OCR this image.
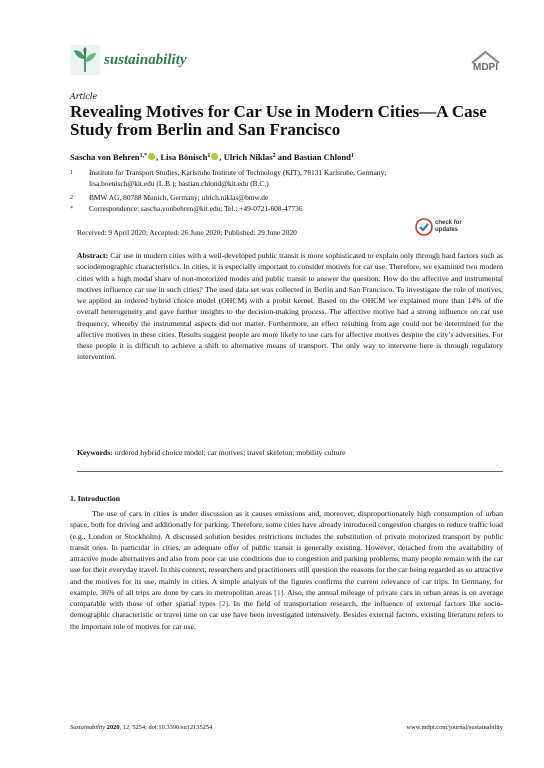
sustainability	MDPI
Article
Revealing Motives for Car Use in Modern Cities—A Case Study from Berlin and San Francisco
Sascha von Behren$^{1,*}$ , Lisa Bönisch$^1$ , Ulrich Niklas$^2$ and Bastian Chlond$^1$
1 Institute for Transport Studies, Karlsruhe Institute of Technology (KIT), 76131 Karlsruhe, Germany;
lisa.boenisch@kit.edu (L.B.); bastian.chlond@kit.edu (B.C.)
2 BMW AG, 80788 Munich, Germany; ulrich.niklas@bmw.de
* Correspondence: sascha.vonbehren@kit.edu; Tel.: +49-0721-608-47736
check for
updates
Received: 9 April 2020; Accepted: 26 June 2020; Published: 29 June 2020
Abstract: Car use in modern cities with a well-developed public transit is more sophisticated to explain only through hard factors such as sociodemographic characteristics. In cities, it is especially important to consider motives for car use. Therefore, we examined two modern cities with a high modal share of non-motorized modes and public transit to answer the question: How do the affective and instrumental motives influence car use in such cities? The used data set was collected in Berlin and San Francisco. To investigate the role of motives, we applied an ordered hybrid choice model (OHCM) with a probit kernel. Based on the OHCM we explained more than 14% of the overall heterogeneity and gave further insights to the decision-making process. The affective motive had a strong influence on car use frequency, whereby the instrumental aspects did not matter. Furthermore, an effect resulting from age could not be determined for the affective motives in these cities. Results suggest people are more likely to use cars for affective motives despite the city’s adversities. For these people it is difficult to achieve a shift to alternative means of transport. The only way to intervene here is through regulatory intervention.
Keywords: ordered hybrid choice model; car motives; travel skeleton; mobility culture
1. Introduction
The use of cars in cities is under discussion as it causes emissions and, moreover, disproportionately high consumption of urban space, both for driving and additionally for parking. Therefore, some cities have already introduced congestion charges to reduce traffic load (e.g., London or Stockholm). A discussed solution besides restrictions includes the substitution of private motorized transport by public transit ones. In particular in cities, an adequate offer of public transit is generally existing. However, detached from the availability of attractive mode alternatives and also from poor car use conditions due to congestion and parking problems, many people remain with the car use for their everyday travel. In this context, researchers and practitioners still question the reasons for the car being regarded as so attractive and the motives for its use, mainly in cities. A simple analysis of the figures confirms the current relevance of car trips. In Germany, for example, 36% of all trips are done by cars in metropolitan areas [1]. Also, the annual mileage of private cars in urban areas is on average comparable with those of other spatial types [2]. In the field of transportation research, the influence of external factors like socio-demographic characteristic or travel time on car use have been investigated intensively. Besides external factors, existing literature refers to the important role of motives for car use.
Sustainability 2020, 12, 5254; doi:10.3390/su12135254	www.mdpi.com/journal/sustainability
